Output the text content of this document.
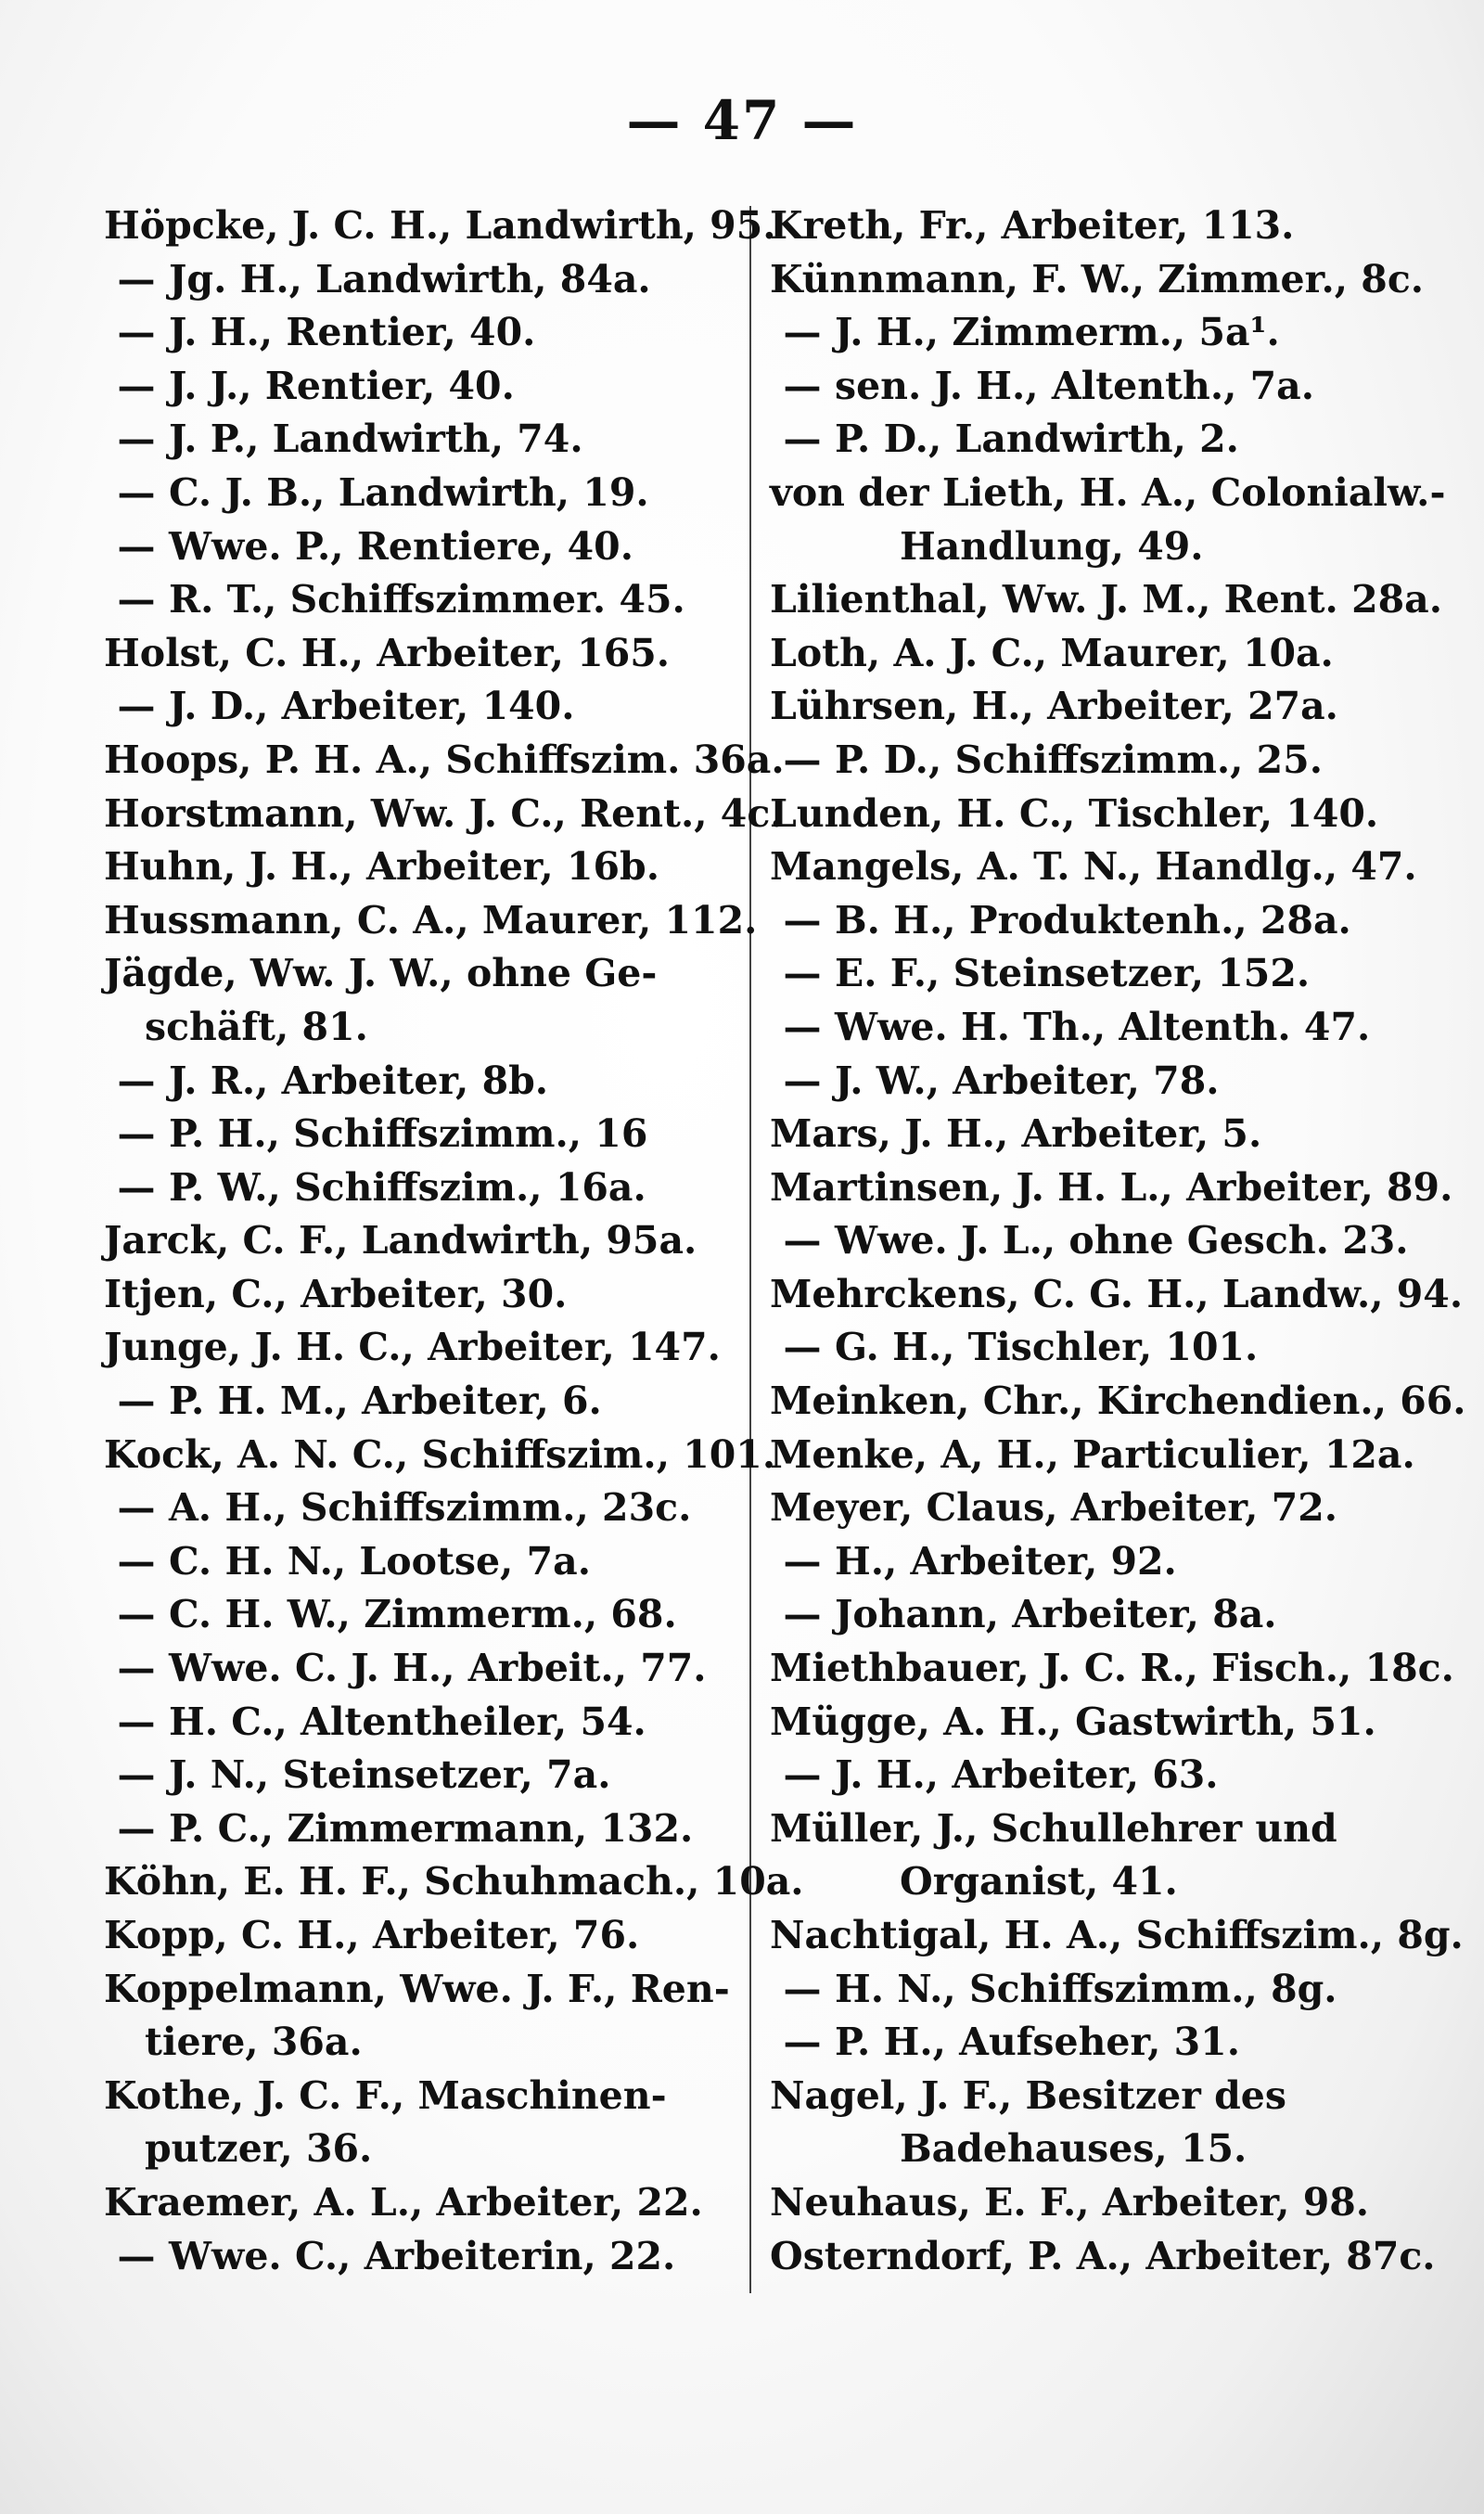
— 47 —
Höpcke, J. C. H., Landwirth, 95.
— Jg. H., Landwirth, 84a.
— J. H., Rentier, 40.
— J. J., Rentier, 40.
— J. P., Landwirth, 74.
— C. J. B., Landwirth, 19.
— Wwe. P., Rentiere, 40.
— R. T., Schiffszimmer. 45.
Holst, C. H., Arbeiter, 165.
— J. D., Arbeiter, 140.
Hoops, P. H. A., Schiffszim. 36a.
Horstmann, Ww. J. C., Rent., 4c.
Huhn, J. H., Arbeiter, 16b.
Hussmann, C. A., Maurer, 112.
Jägde, Ww. J. W., ohne Ge-
schäft, 81.
— J. R., Arbeiter, 8b.
— P. H., Schiffszimm., 16
— P. W., Schiffszim., 16a.
Jarck, C. F., Landwirth, 95a.
Itjen, C., Arbeiter, 30.
Junge, J. H. C., Arbeiter, 147.
— P. H. M., Arbeiter, 6.
Kock, A. N. C., Schiffszim., 101.
— A. H., Schiffszimm., 23c.
— C. H. N., Lootse, 7a.
— C. H. W., Zimmerm., 68.
— Wwe. C. J. H., Arbeit., 77.
— H. C., Altentheiler, 54.
— J. N., Steinsetzer, 7a.
— P. C., Zimmermann, 132.
Köhn, E. H. F., Schuhmach., 10a.
Kopp, C. H., Arbeiter, 76.
Koppelmann, Wwe. J. F., Ren-
tiere, 36a.
Kothe, J. C. F., Maschinen-
putzer, 36.
Kraemer, A. L., Arbeiter, 22.
— Wwe. C., Arbeiterin, 22.
Kreth, Fr., Arbeiter, 113.
Künnmann, F. W., Zimmer., 8c.
— J. H., Zimmerm., 5a¹.
— sen. J. H., Altenth., 7a.
— P. D., Landwirth, 2.
von der Lieth, H. A., Colonialw.-
Handlung, 49.
Lilienthal, Ww. J. M., Rent. 28a.
Loth, A. J. C., Maurer, 10a.
Lührsen, H., Arbeiter, 27a.
— P. D., Schiffszimm., 25.
Lunden, H. C., Tischler, 140.
Mangels, A. T. N., Handlg., 47.
— B. H., Produktenh., 28a.
— E. F., Steinsetzer, 152.
— Wwe. H. Th., Altenth. 47.
— J. W., Arbeiter, 78.
Mars, J. H., Arbeiter, 5.
Martinsen, J. H. L., Arbeiter, 89.
— Wwe. J. L., ohne Gesch. 23.
Mehrckens, C. G. H., Landw., 94.
— G. H., Tischler, 101.
Meinken, Chr., Kirchendien., 66.
Menke, A, H., Particulier, 12a.
Meyer, Claus, Arbeiter, 72.
— H., Arbeiter, 92.
— Johann, Arbeiter, 8a.
Miethbauer, J. C. R., Fisch., 18c.
Mügge, A. H., Gastwirth, 51.
— J. H., Arbeiter, 63.
Müller, J., Schullehrer und
Organist, 41.
Nachtigal, H. A., Schiffszim., 8g.
— H. N., Schiffszimm., 8g.
— P. H., Aufseher, 31.
Nagel, J. F., Besitzer des
Badehauses, 15.
Neuhaus, E. F., Arbeiter, 98.
Osterndorf, P. A., Arbeiter, 87c.
